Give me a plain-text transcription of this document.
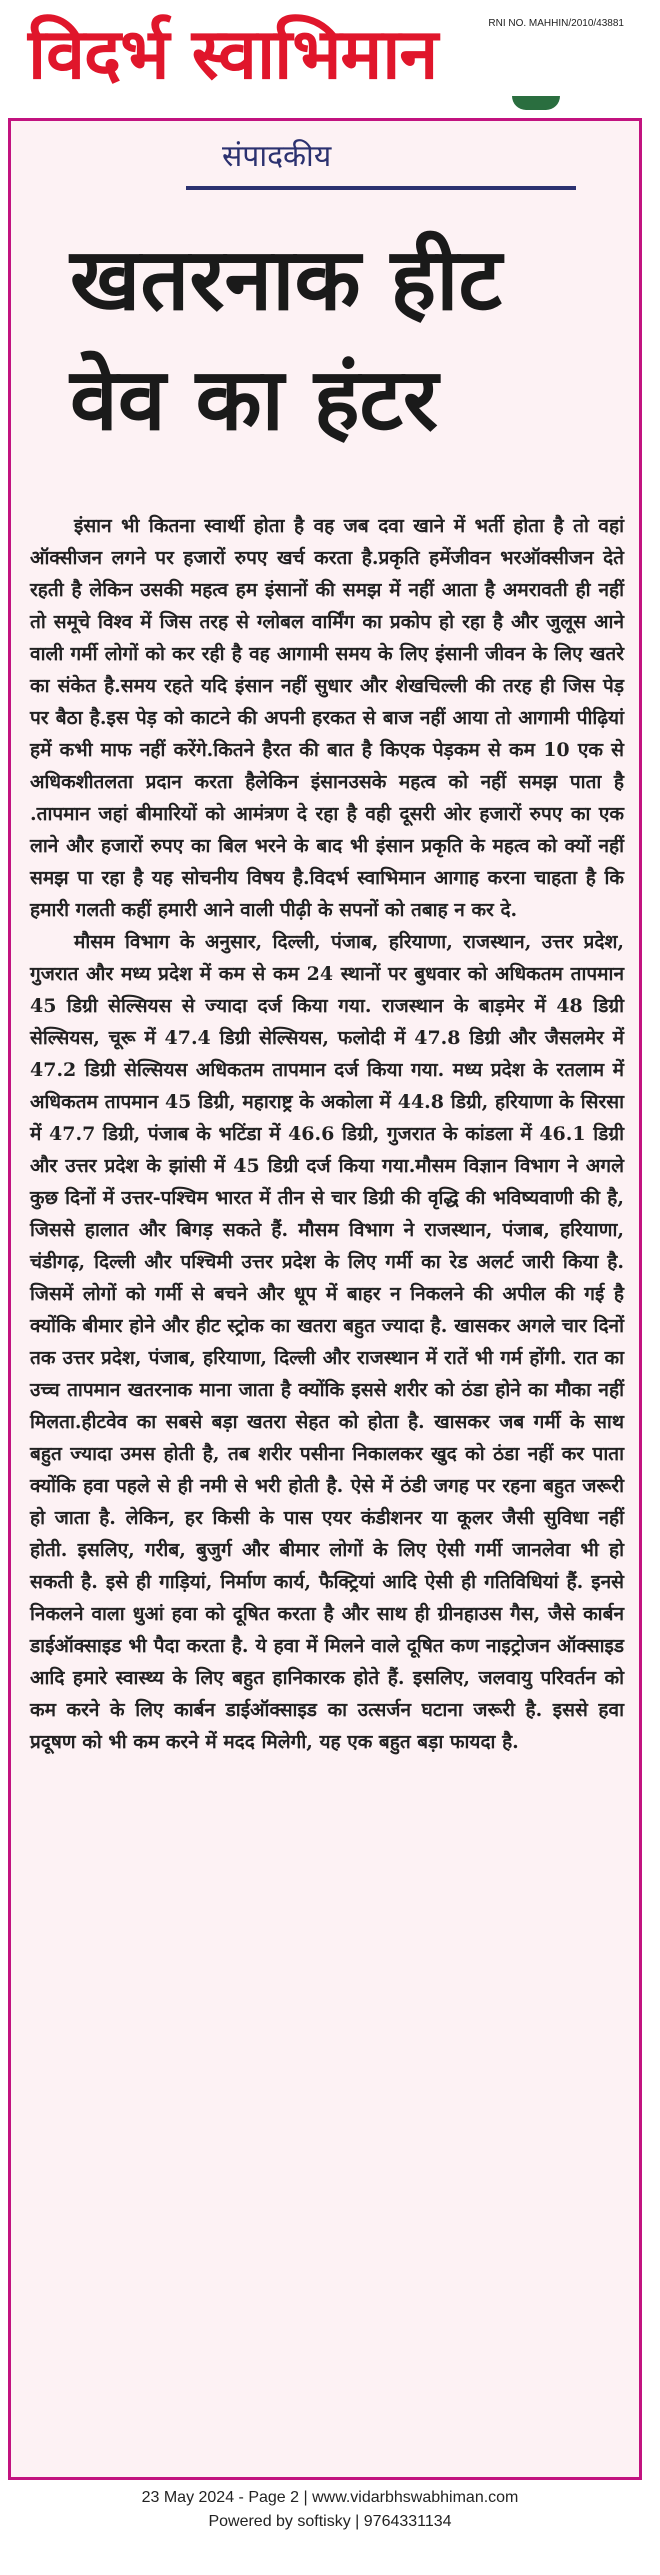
विदर्भ स्वाभिमान	RNI NO. MAHHIN/2010/43881
संपादकीय
खतरनाक हीट
वेव का हंटर

इंसान भी कितना स्वार्थी होता है वह जब दवा खाने में भर्ती होता है तो वहां ऑक्सीजन लगने पर हजारों रुपए खर्च करता है.प्रकृति हमेंजीवन भरऑक्सीजन देते रहती है लेकिन उसकी महत्व हम इंसानों की समझ में नहीं आता है अमरावती ही नहीं तो समूचे विश्व में जिस तरह से ग्लोबल वार्मिंग का प्रकोप हो रहा है और जुलूस आने वाली गर्मी लोगों को कर रही है वह आगामी समय के लिए इंसानी जीवन के लिए खतरे का संकेत है.समय रहते यदि इंसान नहीं सुधार और शेखचिल्ली की तरह ही जिस पेड़ पर बैठा है.इस पेड़ को काटने की अपनी हरकत से बाज नहीं आया तो आगामी पीढ़ियां हमें कभी माफ नहीं करेंगे.कितने हैरत की बात है किएक पेड़कम से कम 10 एक से अधिकशीतलता प्रदान करता हैलेकिन इंसानउसके महत्व को नहीं समझ पाता है .तापमान जहां बीमारियों को आमंत्रण दे रहा है वही दूसरी ओर हजारों रुपए का एक लाने और हजारों रुपए का बिल भरने के बाद भी इंसान प्रकृति के महत्व को क्यों नहीं समझ पा रहा है यह सोचनीय विषय है.विदर्भ स्वाभिमान आगाह करना चाहता है कि हमारी गलती कहीं हमारी आने वाली पीढ़ी के सपनों को तबाह न कर दे.

मौसम विभाग के अनुसार, दिल्ली, पंजाब, हरियाणा, राजस्थान, उत्तर प्रदेश, गुजरात और मध्य प्रदेश में कम से कम 24 स्थानों पर बुधवार को अधिकतम तापमान 45 डिग्री सेल्सियस से ज्यादा दर्ज किया गया. राजस्थान के बाड़मेर में 48 डिग्री सेल्सियस, चूरू में 47.4 डिग्री सेल्सियस, फलोदी में 47.8 डिग्री और जैसलमेर में 47.2 डिग्री सेल्सियस अधिकतम तापमान दर्ज किया गया. मध्य प्रदेश के रतलाम में अधिकतम तापमान 45 डिग्री, महाराष्ट्र के अकोला में 44.8 डिग्री, हरियाणा के सिरसा में 47.7 डिग्री, पंजाब के भटिंडा में 46.6 डिग्री, गुजरात के कांडला में 46.1 डिग्री और उत्तर प्रदेश के झांसी में 45 डिग्री दर्ज किया गया.मौसम विज्ञान विभाग ने अगले कुछ दिनों में उत्तर-पश्चिम भारत में तीन से चार डिग्री की वृद्धि की भविष्यवाणी की है, जिससे हालात और बिगड़ सकते हैं. मौसम विभाग ने राजस्थान, पंजाब, हरियाणा, चंडीगढ़, दिल्ली और पश्चिमी उत्तर प्रदेश के लिए गर्मी का रेड अलर्ट जारी किया है. जिसमें लोगों को गर्मी से बचने और धूप में बाहर न निकलने की अपील की गई है क्योंकि बीमार होने और हीट स्ट्रोक का खतरा बहुत ज्यादा है. खासकर अगले चार दिनों तक उत्तर प्रदेश, पंजाब, हरियाणा, दिल्ली और राजस्थान में रातें भी गर्म होंगी. रात का उच्च तापमान खतरनाक माना जाता है क्योंकि इससे शरीर को ठंडा होने का मौका नहीं मिलता.हीटवेव का सबसे बड़ा खतरा सेहत को होता है. खासकर जब गर्मी के साथ बहुत ज्यादा उमस होती है, तब शरीर पसीना निकालकर खुद को ठंडा नहीं कर पाता क्योंकि हवा पहले से ही नमी से भरी होती है. ऐसे में ठंडी जगह पर रहना बहुत जरूरी हो जाता है. लेकिन, हर किसी के पास एयर कंडीशनर या कूलर जैसी सुविधा नहीं होती. इसलिए, गरीब, बुजुर्ग और बीमार लोगों के लिए ऐसी गर्मी जानलेवा भी हो सकती है. इसे ही गाड़ियां, निर्माण कार्य, फैक्ट्रियां आदि ऐसी ही गतिविधियां हैं. इनसे निकलने वाला धुआं हवा को दूषित करता है और साथ ही ग्रीनहाउस गैस, जैसे कार्बन डाईऑक्साइड भी पैदा करता है. ये हवा में मिलने वाले दूषित कण नाइट्रोजन ऑक्साइड आदि हमारे स्वास्थ्य के लिए बहुत हानिकारक होते हैं. इसलिए, जलवायु परिवर्तन को कम करने के लिए कार्बन डाईऑक्साइड का उत्सर्जन घटाना जरूरी है. इससे हवा प्रदूषण को भी कम करने में मदद मिलेगी, यह एक बहुत बड़ा फायदा है.

23 May 2024 - Page 2 | www.vidarbhswabhiman.com
Powered by softisky | 9764331134
